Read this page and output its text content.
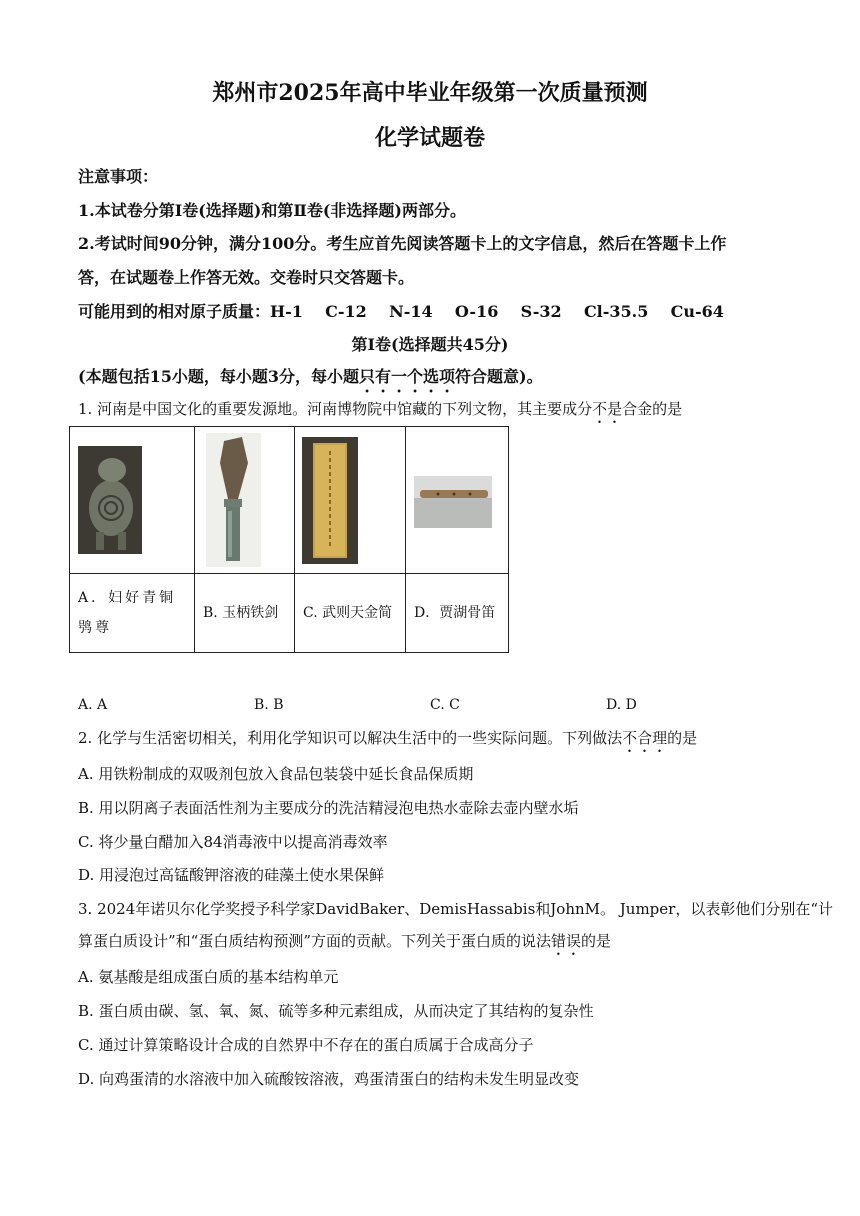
郑州市2025年高中毕业年级第一次质量预测
化学试题卷
注意事项：
1.本试卷分第Ⅰ卷(选择题)和第Ⅱ卷(非选择题)两部分。
2.考试时间90分钟，满分100分。考生应首先阅读答题卡上的文字信息，然后在答题卡上作
答，在试题卷上作答无效。交卷时只交答题卡。
可能用到的相对原子质量：H-1    C-12    N-14    O-16    S-32    Cl-35.5    Cu-64
第Ⅰ卷(选择题共45分)
(本题包括15小题，每小题3分，每小题只有一个选项符合题意)。
1. 河南是中国文化的重要发源地。河南博物院中馆藏的下列文物，其主要成分不是合金的是

A．妇好青铜鸮尊	B. 玉柄铁剑	C. 武则天金简	D．贾湖骨笛
A. A	B. B	C. C	D. D
2. 化学与生活密切相关，利用化学知识可以解决生活中的一些实际问题。下列做法不合理的是
A. 用铁粉制成的双吸剂包放入食品包装袋中延长食品保质期
B. 用以阴离子表面活性剂为主要成分的洗洁精浸泡电热水壶除去壶内壁水垢
C. 将少量白醋加入84消毒液中以提高消毒效率
D. 用浸泡过高锰酸钾溶液的硅藻土使水果保鲜
3. 2024年诺贝尔化学奖授予科学家DavidBaker、DemisHassabis和JohnM。 Jumper，以表彰他们分别在“计
算蛋白质设计”和“蛋白质结构预测”方面的贡献。下列关于蛋白质的说法错误的是
A. 氨基酸是组成蛋白质的基本结构单元
B. 蛋白质由碳、氢、氧、氮、硫等多种元素组成，从而决定了其结构的复杂性
C. 通过计算策略设计合成的自然界中不存在的蛋白质属于合成高分子
D. 向鸡蛋清的水溶液中加入硫酸铵溶液，鸡蛋清蛋白的结构未发生明显改变
